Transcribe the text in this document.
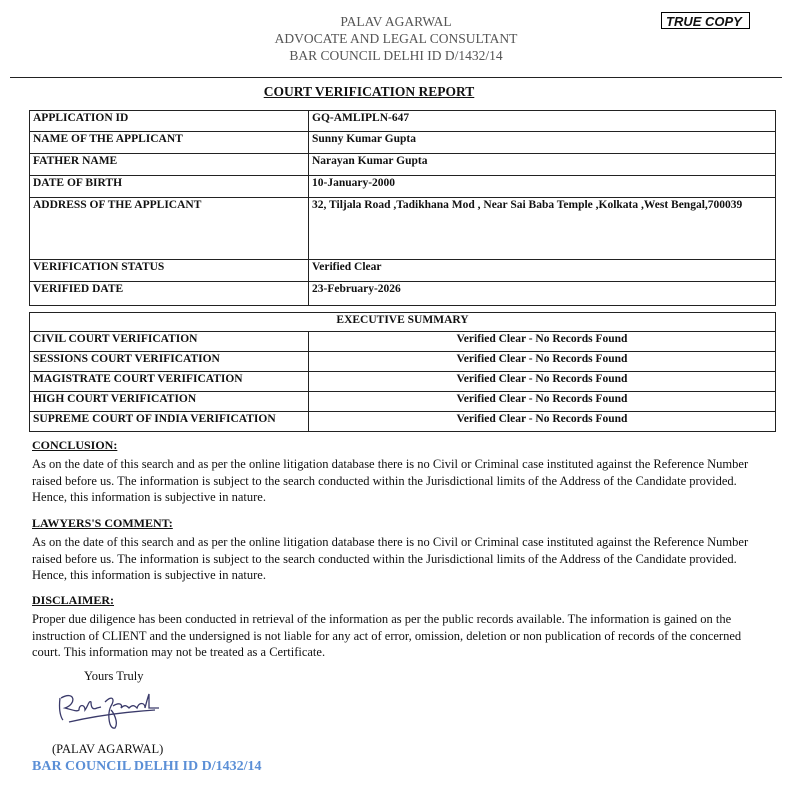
PALAV AGARWAL
ADVOCATE AND LEGAL CONSULTANT
BAR COUNCIL DELHI ID D/1432/14
TRUE COPY
COURT VERIFICATION REPORT
APPLICATION ID	GQ-AMLIPLN-647
NAME OF THE APPLICANT	Sunny Kumar Gupta
FATHER NAME	Narayan Kumar Gupta
DATE OF BIRTH	10-January-2000
ADDRESS OF THE APPLICANT	32, Tiljala Road ,Tadikhana Mod , Near Sai Baba Temple ,Kolkata ,West Bengal,700039
VERIFICATION STATUS	Verified Clear
VERIFIED DATE	23-February-2026
EXECUTIVE SUMMARY	
CIVIL COURT VERIFICATION	Verified Clear - No Records Found
SESSIONS COURT VERIFICATION	Verified Clear - No Records Found
MAGISTRATE COURT VERIFICATION	Verified Clear - No Records Found
HIGH COURT VERIFICATION	Verified Clear - No Records Found
SUPREME COURT OF INDIA VERIFICATION	Verified Clear - No Records Found
CONCLUSION:
As on the date of this search and as per the online litigation database there is no Civil or Criminal case instituted against the Reference Number raised before us. The information is subject to the search conducted within the Jurisdictional limits of the Address of the Candidate provided. Hence, this information is subjective in nature.
LAWYERS'S COMMENT:
As on the date of this search and as per the online litigation database there is no Civil or Criminal case instituted against the Reference Number raised before us. The information is subject to the search conducted within the Jurisdictional limits of the Address of the Candidate provided. Hence, this information is subjective in nature.
DISCLAIMER:
Proper due diligence has been conducted in retrieval of the information as per the public records available. The information is gained on the instruction of CLIENT and the undersigned is not liable for any act of error, omission, deletion or non publication of records of the concerned court. This information may not be treated as a Certificate.
Yours Truly
(PALAV AGARWAL)
BAR COUNCIL DELHI ID D/1432/14
